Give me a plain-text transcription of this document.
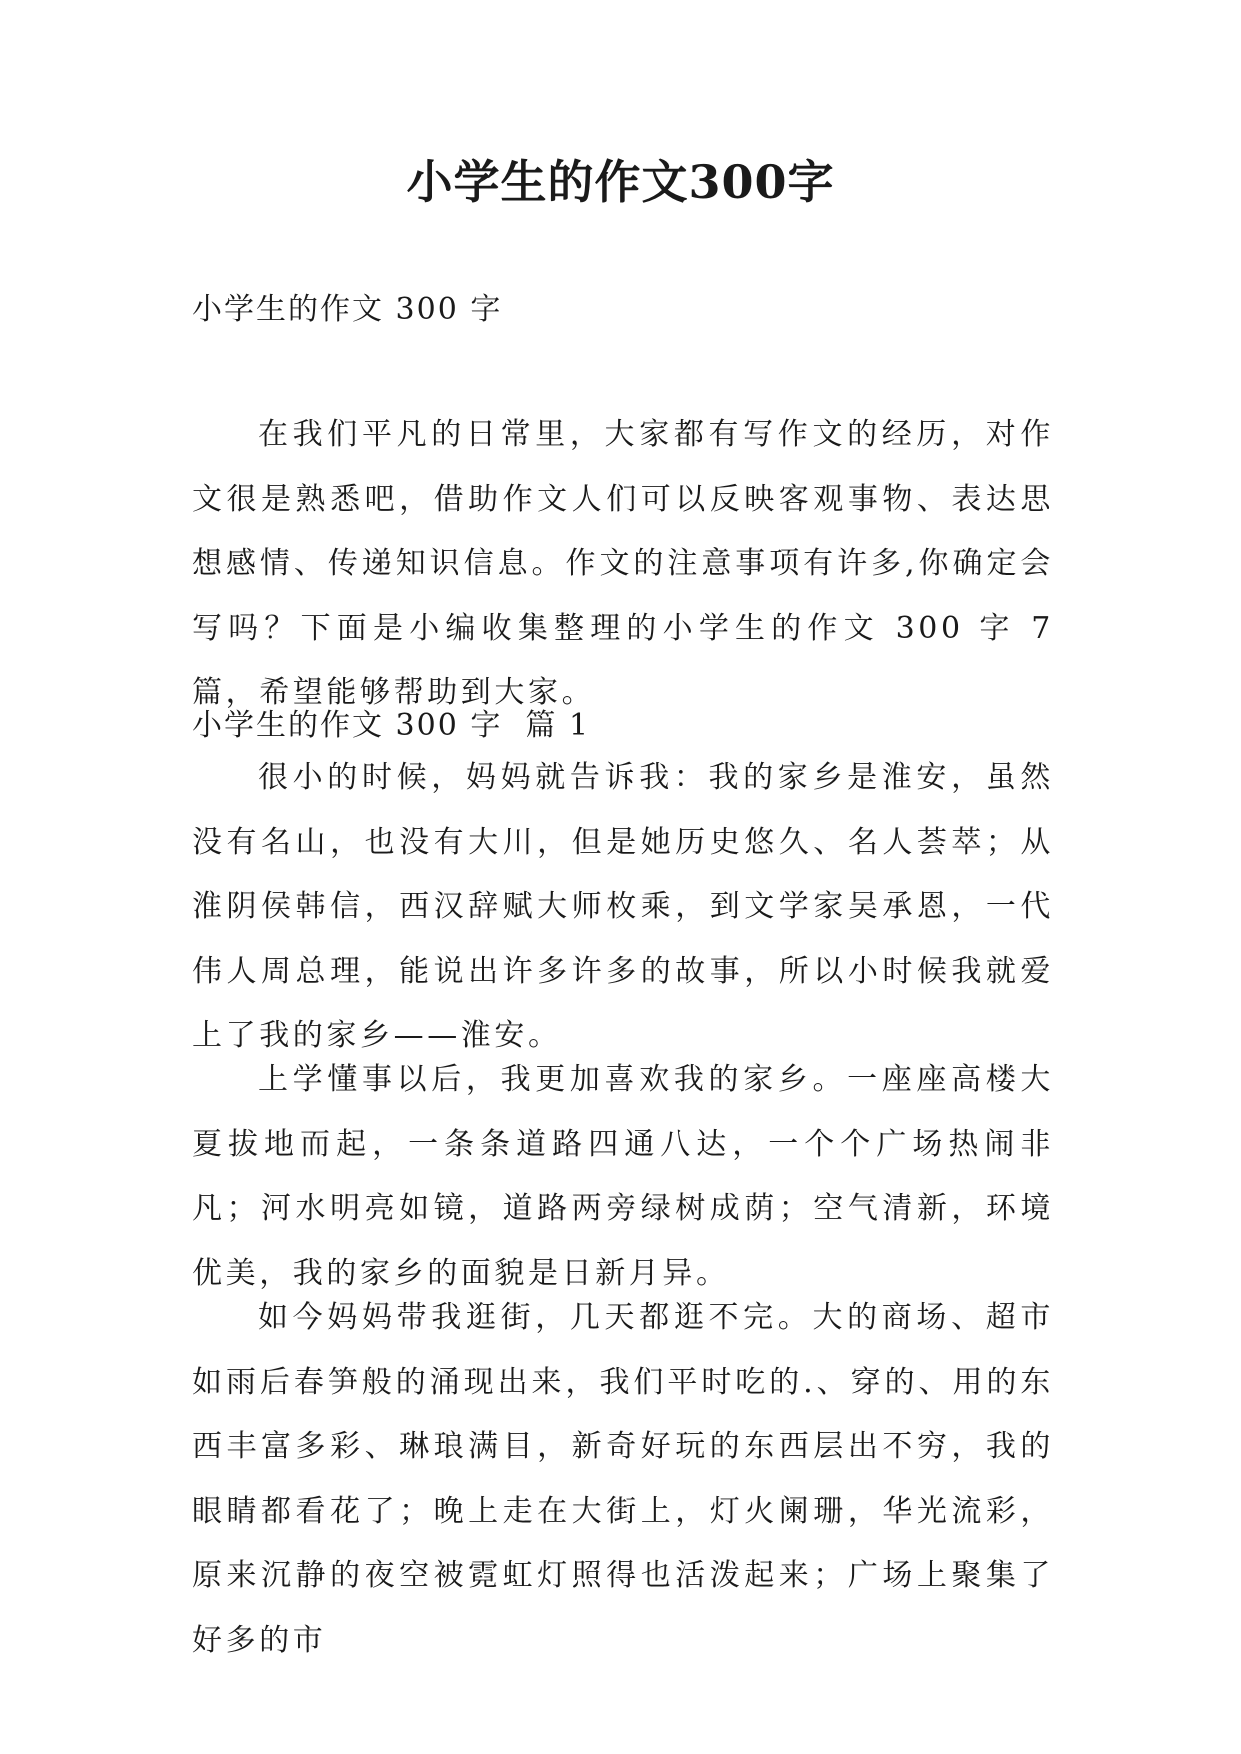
小学生的作文300字

小学生的作文 300 字

在我们平凡的日常里，大家都有写作文的经历，对作文很是熟悉吧，借助作文人们可以反映客观事物、表达思想感情、传递知识信息。作文的注意事项有许多,你确定会写吗？下面是小编收集整理的小学生的作文 300 字 7 篇，希望能够帮助到大家。

小学生的作文 300 字  篇 1

很小的时候，妈妈就告诉我：我的家乡是淮安，虽然没有名山，也没有大川，但是她历史悠久、名人荟萃；从淮阴侯韩信，西汉辞赋大师枚乘，到文学家吴承恩，一代伟人周总理，能说出许多许多的故事，所以小时候我就爱上了我的家乡——淮安。

上学懂事以后，我更加喜欢我的家乡。一座座高楼大夏拔地而起，一条条道路四通八达，一个个广场热闹非凡；河水明亮如镜，道路两旁绿树成荫；空气清新，环境优美，我的家乡的面貌是日新月异。

如今妈妈带我逛街，几天都逛不完。大的商场、超市如雨后春笋般的涌现出来，我们平时吃的.、穿的、用的东西丰富多彩、琳琅满目，新奇好玩的东西层出不穷，我的眼睛都看花了；晚上走在大街上，灯火阑珊，华光流彩，原来沉静的夜空被霓虹灯照得也活泼起来；广场上聚集了好多的市
